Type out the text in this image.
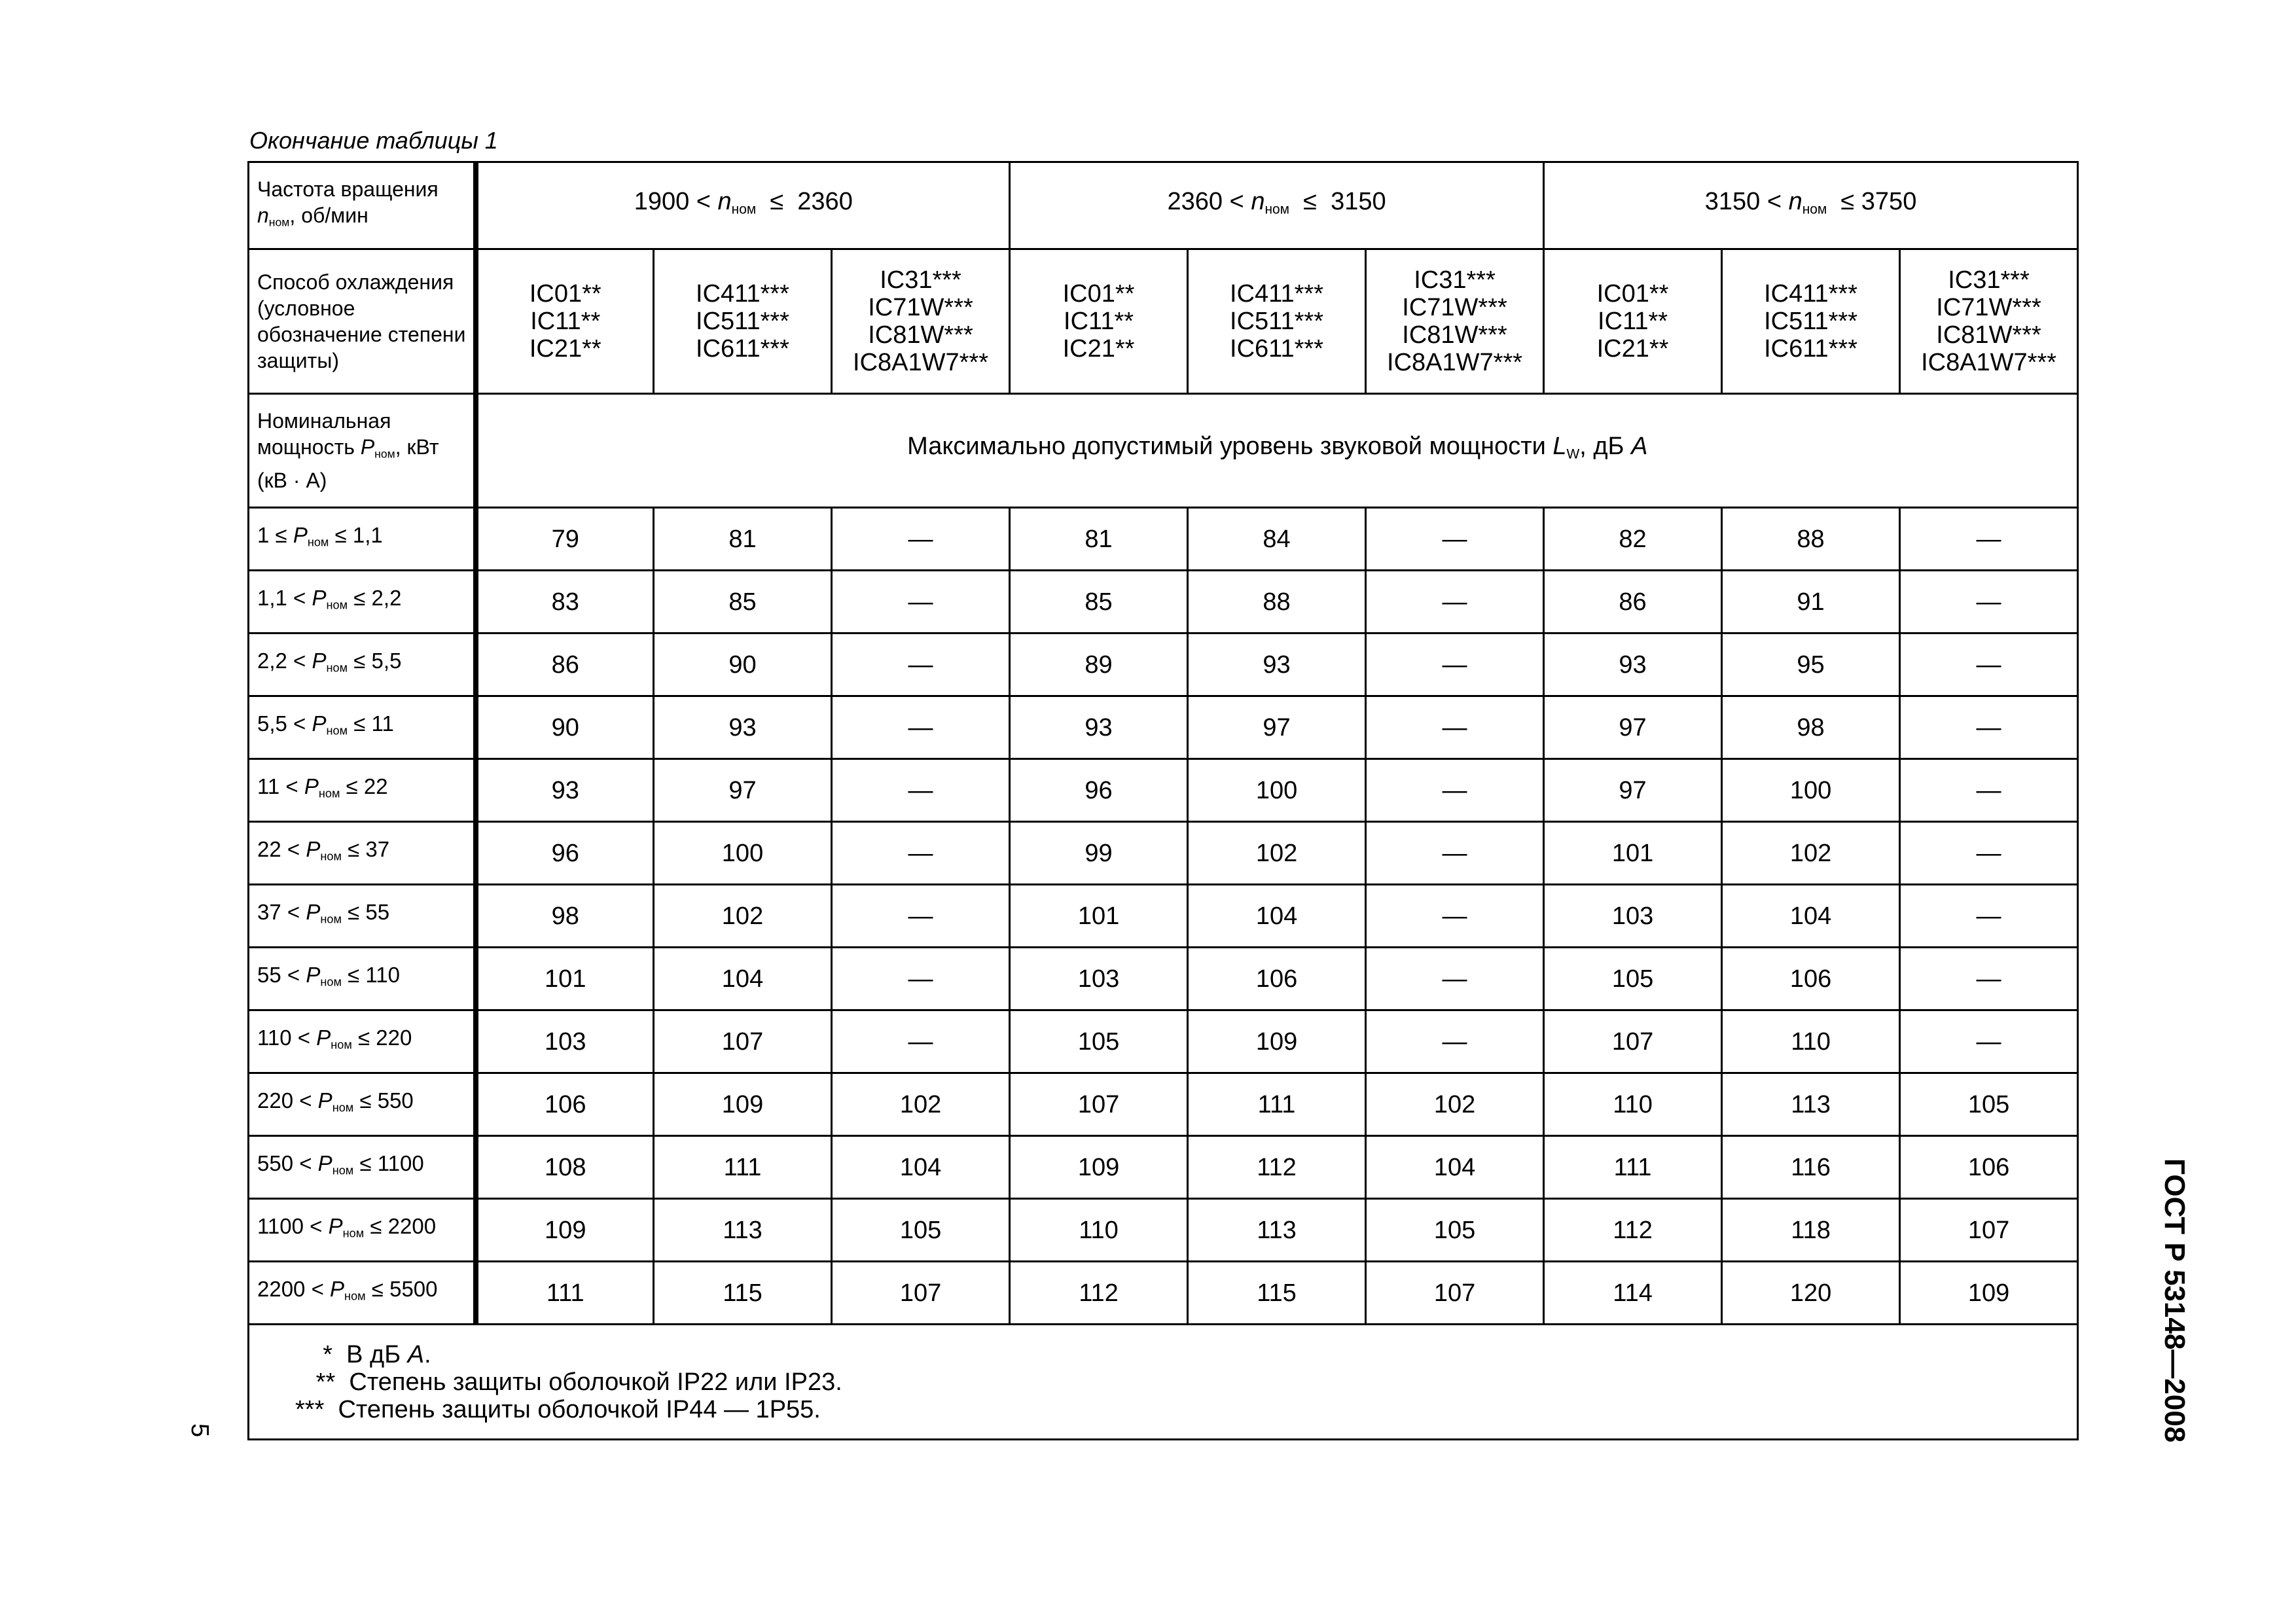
Окончание таблицы 1
Частота вращения
$n_{ном}$, об/мин	$1900 < n_{ном} \le 2360$			$2360 < n_{ном} \le 3150$			$3150 < n_{ном} \le 3750$		
Способ охлаждения (условное обозначение степени защиты)	IC01**
IC11**
IC21**	IC411***
IC511***
IC611***	IC31***
IC71W***
IC81W***
IC8A1W7***	IC01**
IC11**
IC21**	IC411***
IC511***
IC611***	IC31***
IC71W***
IC81W***
IC8A1W7***	IC01**
IC11**
IC21**	IC411***
IC511***
IC611***	IC31***
IC71W***
IC81W***
IC8A1W7***

Номинальная мощность $P_{ном}$, кВт (кВ · А)	Максимально допустимый уровень звуковой мощности $L_W$, дБ A								
$1 \le P_{ном} \le 1,1$	79	81	—	81	84	—	82	88	—
$1,1 < P_{ном} \le 2,2$	83	85	—	85	88	—	86	91	—
$2,2 < P_{ном} \le 5,5$	86	90	—	89	93	—	93	95	—
$5,5 < P_{ном} \le 11$	90	93	—	93	97	—	97	98	—
$11 < P_{ном} \le 22$	93	97	—	96	100	—	97	100	—
$22 < P_{ном} \le 37$	96	100	—	99	102	—	101	102	—
$37 < P_{ном} \le 55$	98	102	—	101	104	—	103	104	—
$55 < P_{ном} \le 110$	101	104	—	103	106	—	105	106	—
$110 < P_{ном} \le 220$	103	107	—	105	109	—	107	110	—
$220 < P_{ном} \le 550$	106	109	102	107	111	102	110	113	105
$550 < P_{ном} \le 1100$	108	111	104	109	112	104	111	116	106
$1100 < P_{ном} \le 2200$	109	113	105	110	113	105	112	118	107
$2200 < P_{ном} \le 5500$	111	115	107	112	115	107	114	120	109

*  В дБ A.
**  Степень защиты оболочкой IP22 или IP23.
***  Степень защиты оболочкой IP44 — 1P55.										ГОСТ Р 53148—2008
5
